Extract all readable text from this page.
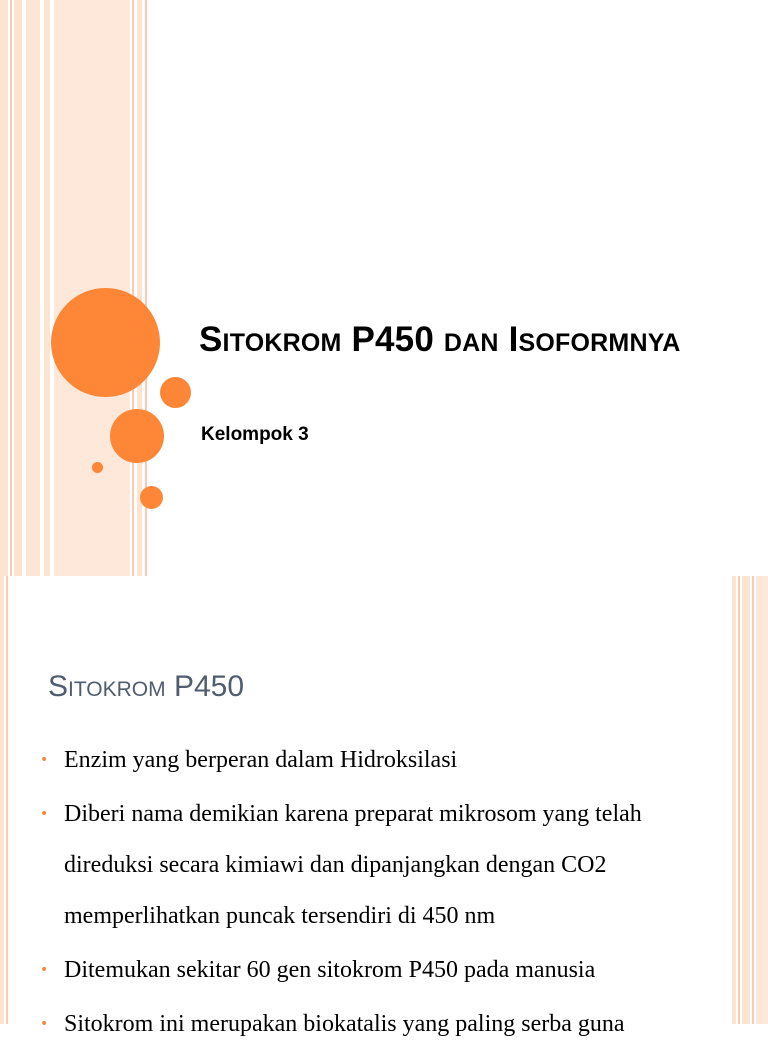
Sitokrom P450 dan Isoformnya

Kelompok 3

Sitokrom P450
• Enzim yang berperan dalam Hidroksilasi
• Diberi nama demikian karena preparat mikrosom yang telah direduksi secara kimiawi dan dipanjangkan dengan CO2 memperlihatkan puncak tersendiri di 450 nm
• Ditemukan sekitar 60 gen sitokrom P450 pada manusia
• Sitokrom ini merupakan biokatalis yang paling serba guna
